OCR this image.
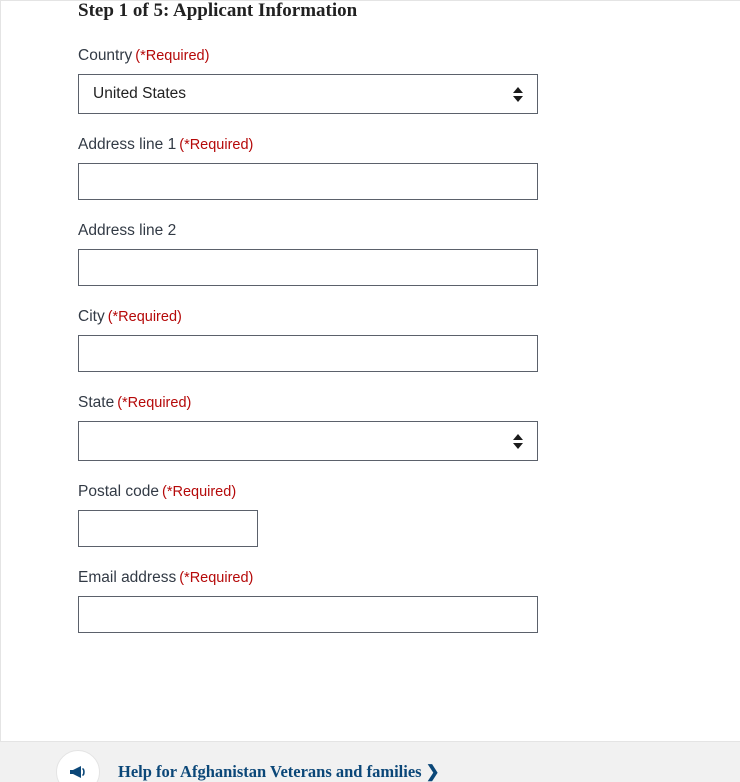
Step 1 of 5: Applicant Information
Country (*Required)
United States
Address line 1 (*Required)
Address line 2
City (*Required)
State (*Required)
Postal code (*Required)
Email address (*Required)
Help for Afghanistan Veterans and families ❯
